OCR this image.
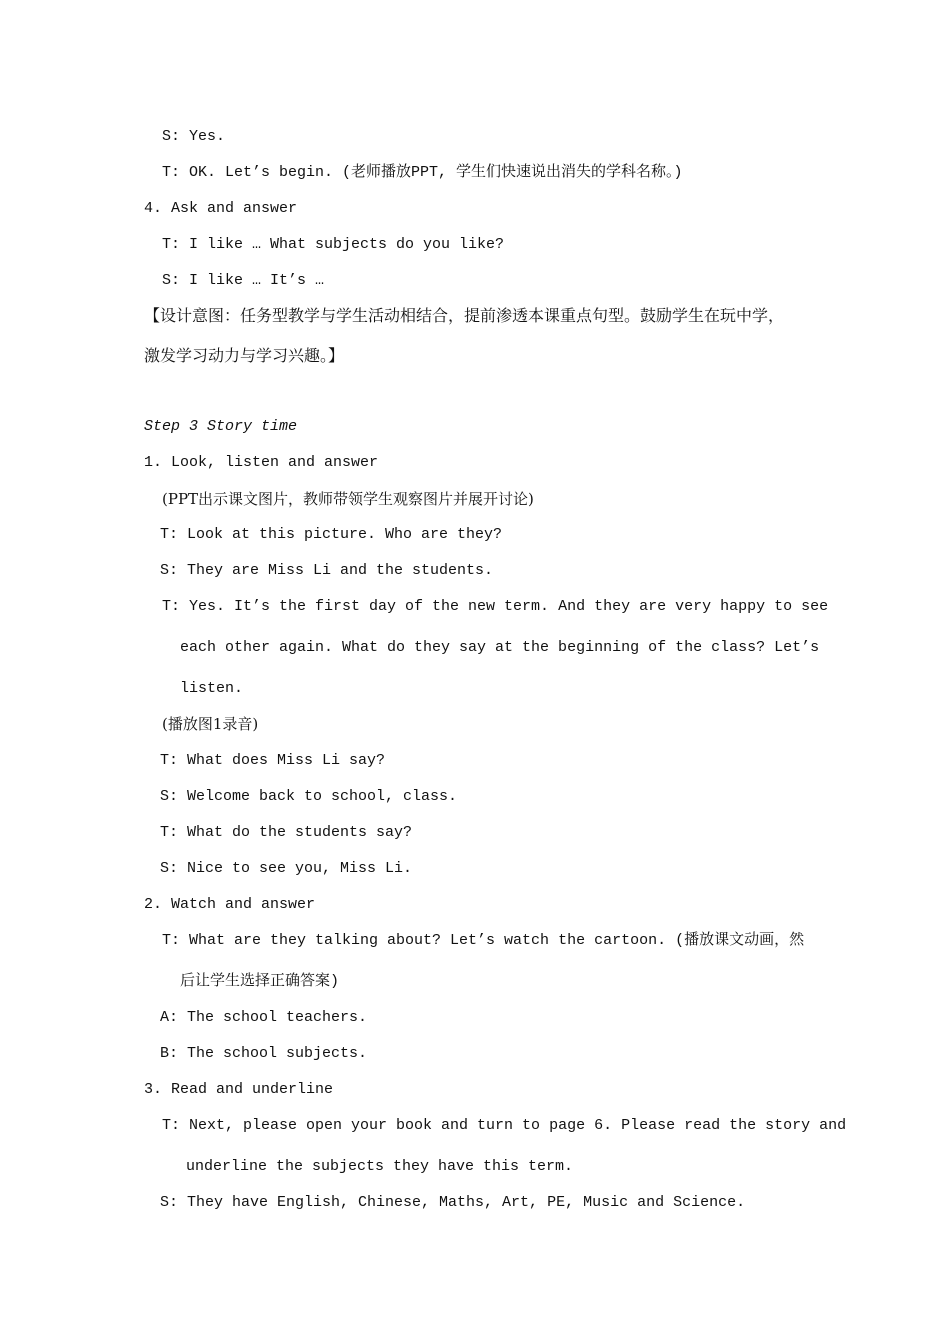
S: Yes.
T: OK. Let’s begin. (老师播放PPT, 学生们快速说出消失的学科名称。)
4. Ask and answer
T: I like … What subjects do you like?
S: I like … It’s …
【设计意图：任务型教学与学生活动相结合，提前渗透本课重点句型。鼓励学生在玩中学，
激发学习动力与学习兴趣。】
Step 3 Story time
1. Look, listen and answer
(PPT出示课文图片，教师带领学生观察图片并展开讨论)
T: Look at this picture. Who are they?
S: They are Miss Li and the students.
T: Yes. It’s the first day of the new term. And they are very happy to see
each other again. What do they say at the beginning of the class? Let’s
listen.
(播放图1录音)
T: What does Miss Li say?
S: Welcome back to school, class.
T: What do the students say?
S: Nice to see you, Miss Li.
2. Watch and answer
T: What are they talking about? Let’s watch the cartoon. (播放课文动画，然
后让学生选择正确答案)
A: The school teachers.
B: The school subjects.
3. Read and underline
T: Next, please open your book and turn to page 6. Please read the story and
underline the subjects they have this term.
S: They have English, Chinese, Maths, Art, PE, Music and Science.
